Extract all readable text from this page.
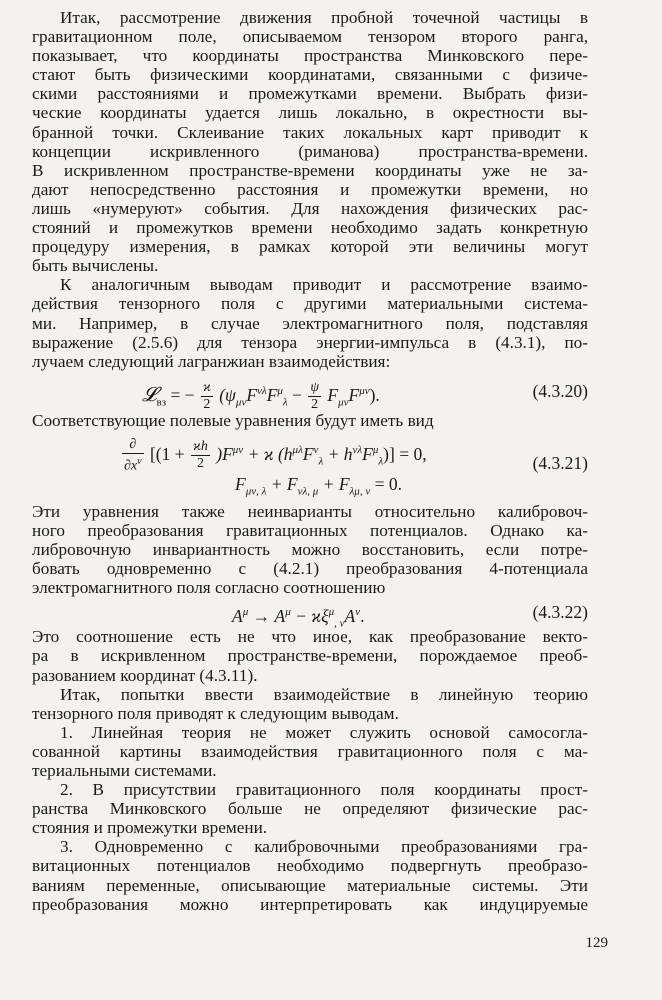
Итак, рассмотрение движения пробной точечной частицы в
гравитационном поле, описываемом тензором второго ранга,
показывает, что координаты пространства Минковского пере-
стают быть физическими координатами, связанными с физиче-
скими расстояниями и промежутками времени. Выбрать физи-
ческие координаты удается лишь локально, в окрестности вы-
бранной точки. Склеивание таких локальных карт приводит к
концепции искривленного (риманова) пространства-времени.
В искривленном пространстве-времени координаты уже не за-
дают непосредственно расстояния и промежутки времени, но
лишь «нумеруют» события. Для нахождения физических рас-
стояний и промежутков времени необходимо задать конкретную
процедуру измерения, в рамках которой эти величины могут
быть вычислены.
К аналогичным выводам приводит и рассмотрение взаимо-
действия тензорного поля с другими материальными системa-
ми. Например, в случае электромагнитного поля, подставляя
выражение (2.5.6) для тензора энергии-импульса в (4.3.1), по-
лучаем следующий лагранжиан взаимодействия:
𝓛$_{вз}$ = − $\frac{ϰ}{2} (\psi_{\mu\nu}F^{\nu\lambda}F^\mu_\lambda - \frac{\psi}{2} F_{\mu\nu}F^{\mu\nu})$.	(4.3.20)
Соответствующие полевые уравнения будут иметь вид
$\frac{\partial}{\partial x^\nu} [(1 + \frac{ϰh}{2} )F^{\mu\nu} + ϰ$ $(h^{\mu\lambda}F^\nu_\lambda + h^{\nu\lambda}F^\mu_\lambda)] = 0$,
$F_{\mu\nu, \lambda} + F_{\nu\lambda, \mu} + F_{\lambda\mu, \nu} = 0$.
(4.3.21)
Эти уравнения также неинварианты относительно калибровоч-
ного преобразования гравитационных потенциалов. Однако ка-
либровочную инвариантность можно восстановить, если потре-
бовать одновременно с (4.2.1) преобразования 4-потенциала
электромагнитного поля согласно соотношению
$A^\mu \to A^\mu - ϰ\xi^\mu_{, \nu}A^\nu$.	(4.3.22)
Это соотношение есть не что иное, как преобразование векто-
ра в искривленном пространстве-времени, порождаемое преоб-
разованием координат (4.3.11).
Итак, попытки ввести взаимодействие в линейную теорию
тензорного поля приводят к следующим выводам.
1. Линейная теория не может служить основой самосогла-
сованной картины взаимодействия гравитационного поля с ма-
териальными системами.
2. В присутствии гравитационного поля координаты прост-
ранства Минковского больше не определяют физические рас-
стояния и промежутки времени.
3. Одновременно с калибровочными преобразованиями гра-
витационных потенциалов необходимо подвергнуть преобразо-
ваниям переменные, описывающие материальные системы. Эти
преобразования можно интерпретировать как индуцируемые
129
